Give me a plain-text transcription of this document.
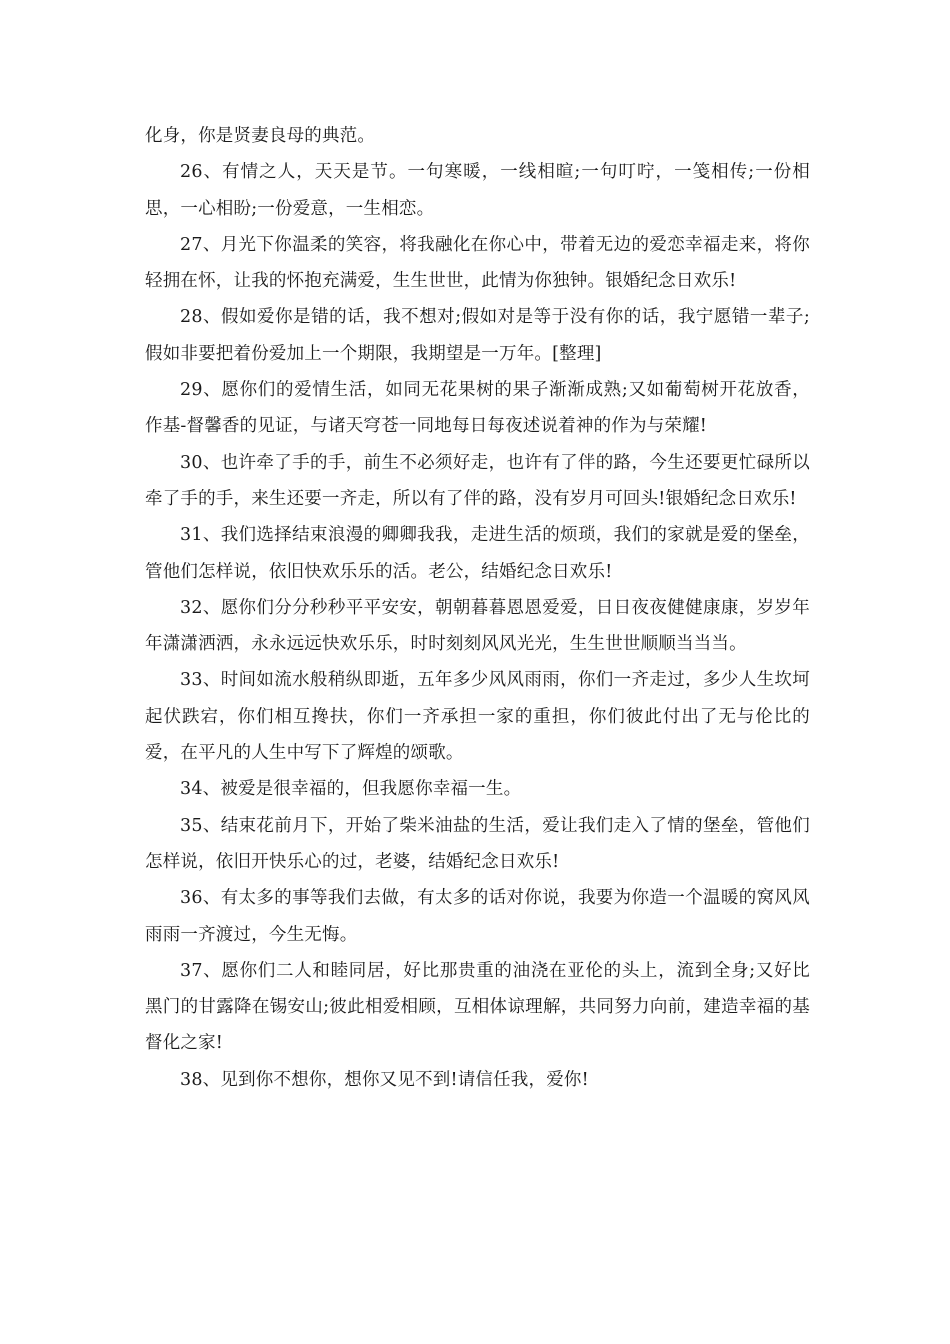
化身，你是贤妻良母的典范。

26、有情之人，天天是节。一句寒暖，一线相暄;一句叮咛，一笺相传;一份相思，一心相盼;一份爱意，一生相恋。

27、月光下你温柔的笑容，将我融化在你心中，带着无边的爱恋幸福走来，将你轻拥在怀，让我的怀抱充满爱，生生世世，此情为你独钟。银婚纪念日欢乐!

28、假如爱你是错的话，我不想对;假如对是等于没有你的话，我宁愿错一辈子;假如非要把着份爱加上一个期限，我期望是一万年。[整理]

29、愿你们的爱情生活，如同无花果树的果子渐渐成熟;又如葡萄树开花放香，作基-督馨香的见证，与诸天穹苍一同地每日每夜述说着神的作为与荣耀!

30、也许牵了手的手，前生不必须好走，也许有了伴的路，今生还要更忙碌所以牵了手的手，来生还要一齐走，所以有了伴的路，没有岁月可回头!银婚纪念日欢乐!

31、我们选择结束浪漫的卿卿我我，走进生活的烦琐，我们的家就是爱的堡垒，管他们怎样说，依旧快欢乐乐的活。老公，结婚纪念日欢乐!

32、愿你们分分秒秒平平安安，朝朝暮暮恩恩爱爱，日日夜夜健健康康，岁岁年年潇潇洒洒，永永远远快欢乐乐，时时刻刻风风光光，生生世世顺顺当当当。

33、时间如流水般稍纵即逝，五年多少风风雨雨，你们一齐走过，多少人生坎坷起伏跌宕，你们相互搀扶，你们一齐承担一家的重担，你们彼此付出了无与伦比的爱，在平凡的人生中写下了辉煌的颂歌。

34、被爱是很幸福的，但我愿你幸福一生。

35、结束花前月下，开始了柴米油盐的生活，爱让我们走入了情的堡垒，管他们怎样说，依旧开快乐心的过，老婆，结婚纪念日欢乐!

36、有太多的事等我们去做，有太多的话对你说，我要为你造一个温暖的窝风风雨雨一齐渡过，今生无悔。

37、愿你们二人和睦同居，好比那贵重的油浇在亚伦的头上，流到全身;又好比黑门的甘露降在锡安山;彼此相爱相顾，互相体谅理解，共同努力向前，建造幸福的基督化之家!

38、见到你不想你，想你又见不到!请信任我，爱你!
